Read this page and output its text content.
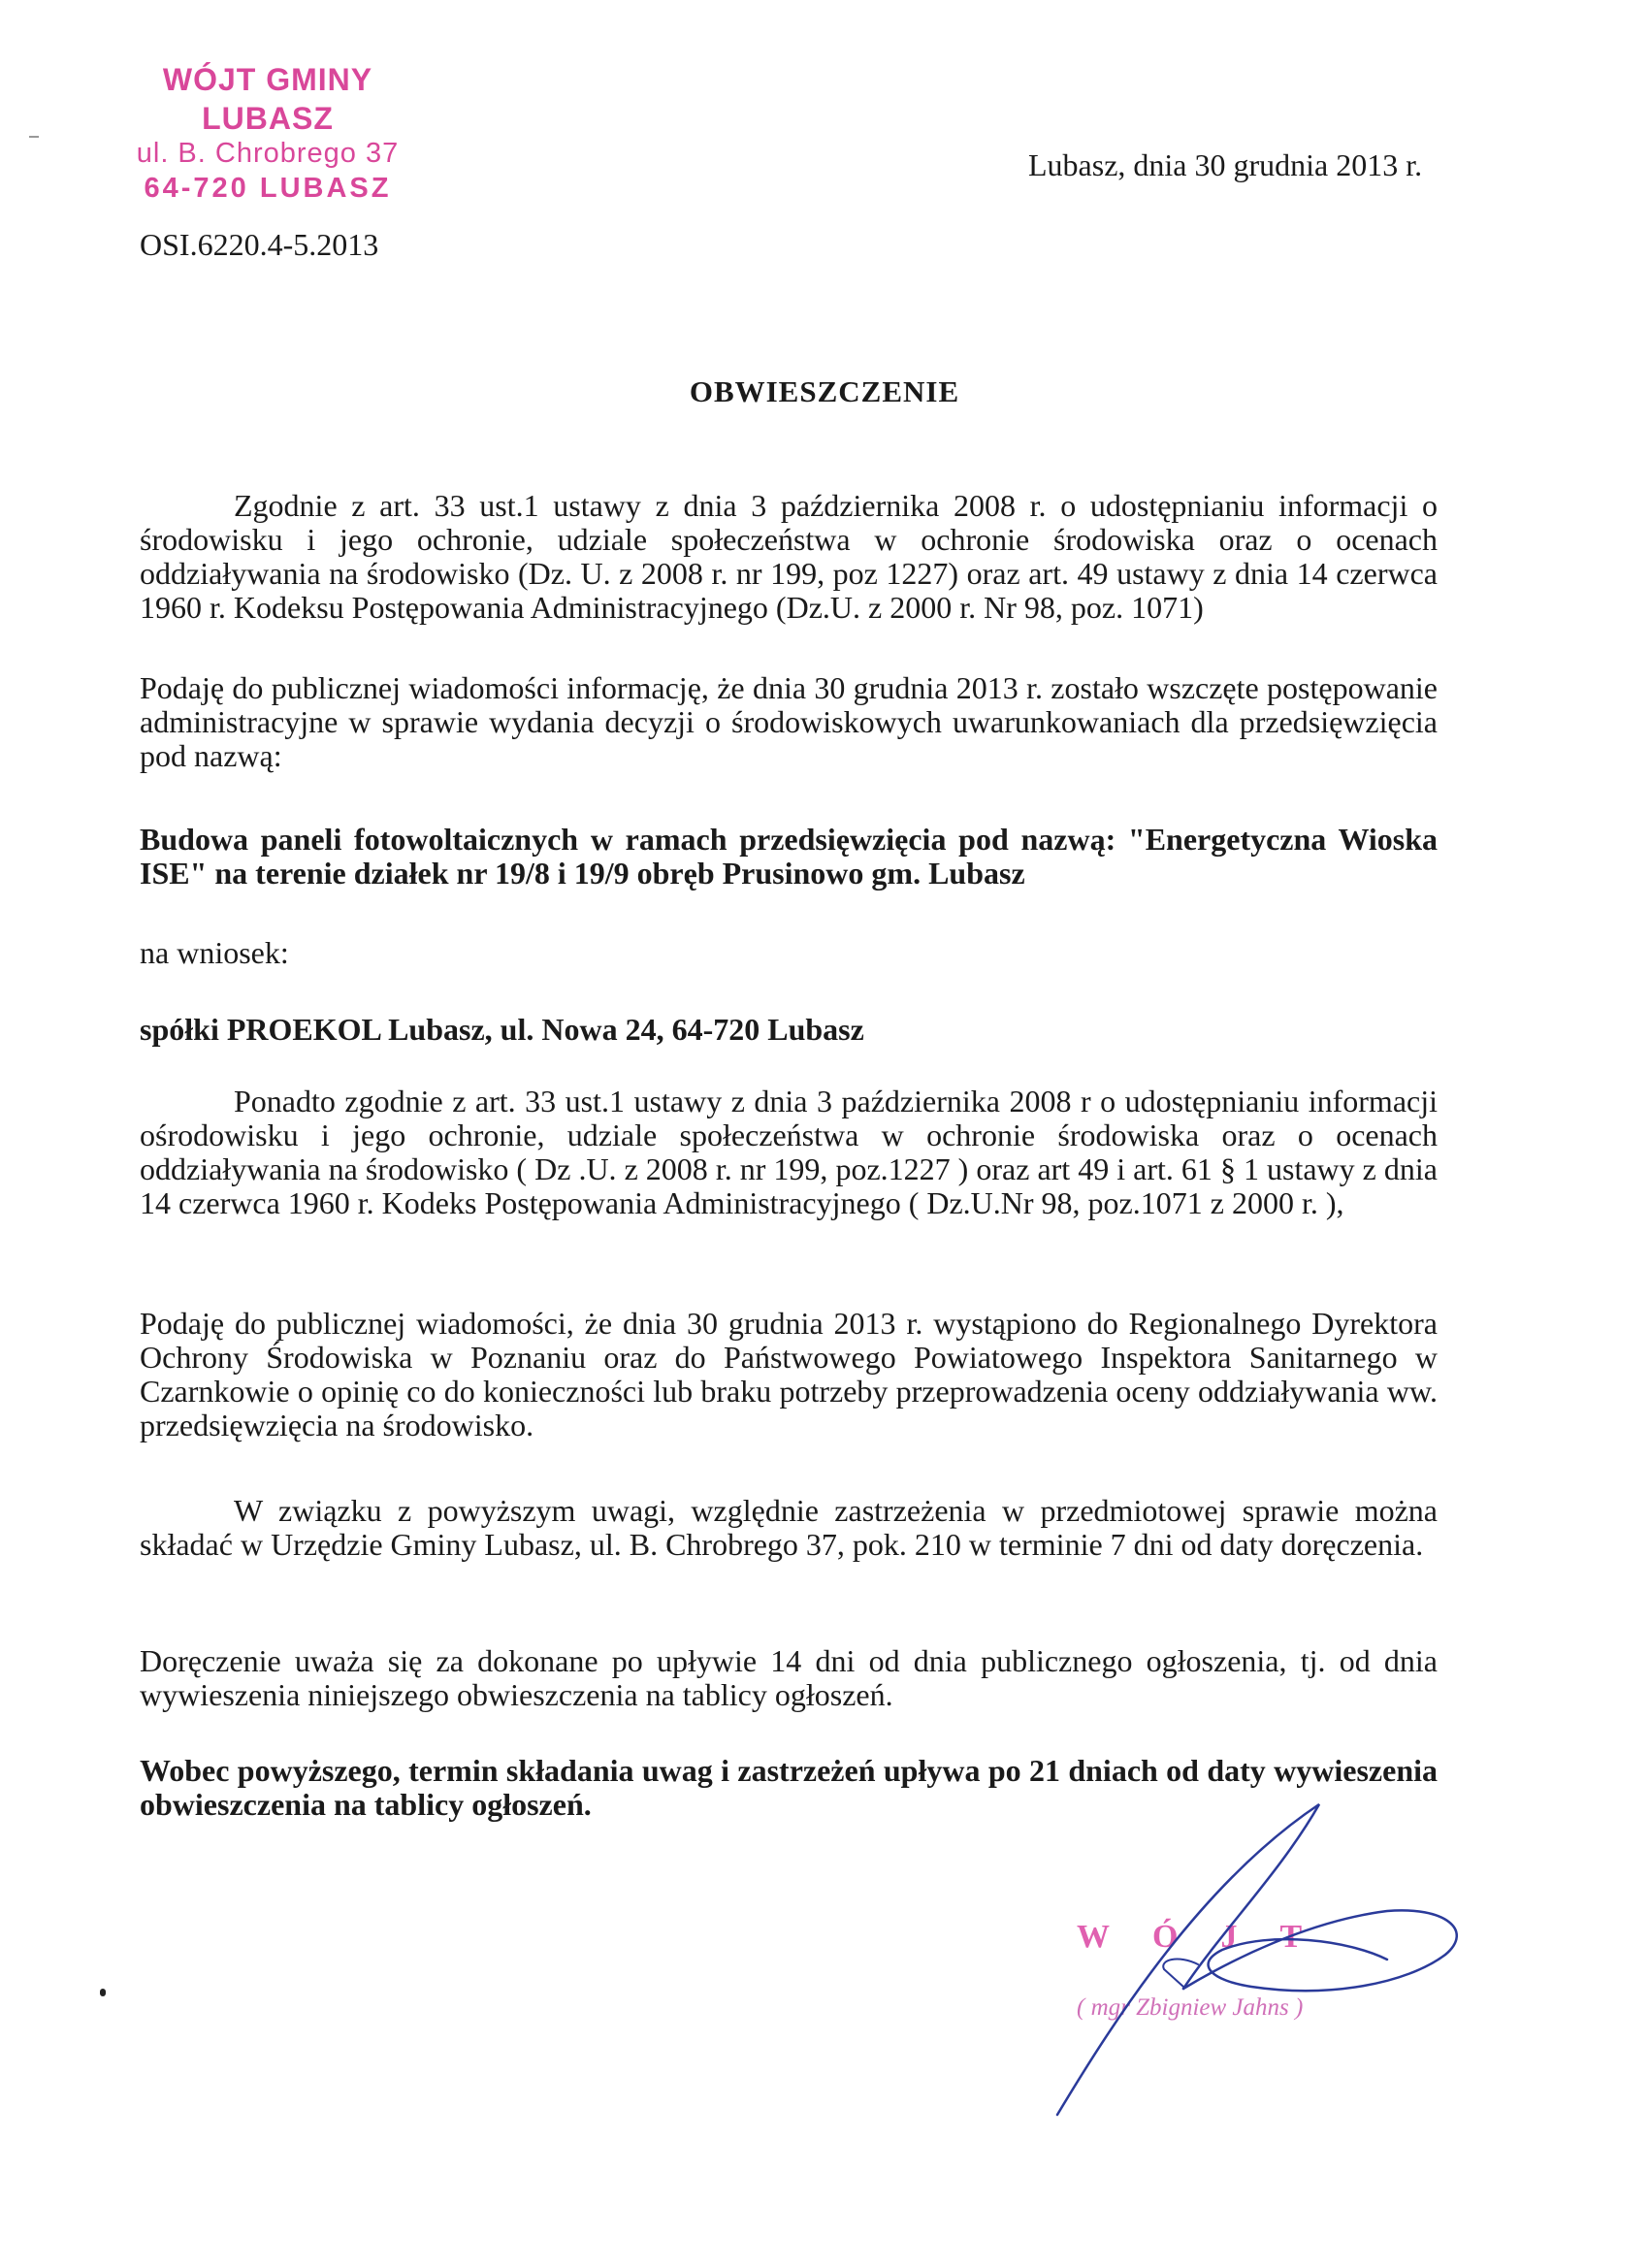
WÓJT GMINY LUBASZ
ul. B. Chrobrego 37
64-720 LUBASZ
Lubasz, dnia 30 grudnia 2013 r.
OSI.6220.4-5.2013
OBWIESZCZENIE
Zgodnie z art. 33 ust.1 ustawy z dnia 3 października 2008 r. o udostępnianiu informacji o środowisku i jego ochronie, udziale społeczeństwa w ochronie środowiska oraz o ocenach oddziaływania na środowisko (Dz. U. z 2008 r. nr 199, poz 1227) oraz art. 49 ustawy z dnia 14 czerwca 1960 r. Kodeksu Postępowania Administracyjnego (Dz.U. z 2000 r. Nr 98, poz. 1071)
Podaję do publicznej wiadomości informację, że dnia 30 grudnia 2013 r. zostało wszczęte postępowanie administracyjne w sprawie wydania decyzji o środowiskowych uwarunkowaniach dla przedsięwzięcia pod nazwą:
Budowa paneli fotowoltaicznych w ramach przedsięwzięcia pod nazwą: "Energetyczna Wioska ISE" na terenie działek nr 19/8 i 19/9 obręb Prusinowo gm. Lubasz
na wniosek:
spółki PROEKOL Lubasz, ul. Nowa 24, 64-720 Lubasz
Ponadto zgodnie z art. 33 ust.1 ustawy z dnia 3 października 2008 r o udostępnianiu informacji ośrodowisku i jego ochronie, udziale społeczeństwa w ochronie środowiska oraz o ocenach oddziaływania na środowisko ( Dz .U. z 2008 r. nr 199, poz.1227 ) oraz art 49 i art. 61 § 1 ustawy z dnia 14 czerwca 1960 r. Kodeks Postępowania Administracyjnego ( Dz.U.Nr 98, poz.1071 z 2000 r. ),
Podaję do publicznej wiadomości, że dnia 30 grudnia 2013 r. wystąpiono do Regionalnego Dyrektora Ochrony Środowiska w Poznaniu oraz do Państwowego Powiatowego Inspektora Sanitarnego w Czarnkowie o opinię co do konieczności lub braku potrzeby przeprowadzenia oceny oddziaływania ww. przedsięwzięcia na środowisko.
W związku z powyższym uwagi, względnie zastrzeżenia w przedmiotowej sprawie można składać w Urzędzie Gminy Lubasz, ul. B. Chrobrego 37, pok. 210 w terminie 7 dni od daty doręczenia.
Doręczenie uważa się za dokonane po upływie 14 dni od dnia publicznego ogłoszenia, tj. od dnia wywieszenia niniejszego obwieszczenia na tablicy ogłoszeń.
Wobec powyższego, termin składania uwag i zastrzeżeń upływa po 21 dniach od daty wywieszenia obwieszczenia na tablicy ogłoszeń.
WÓJT
( mgr Zbigniew Jahns )
